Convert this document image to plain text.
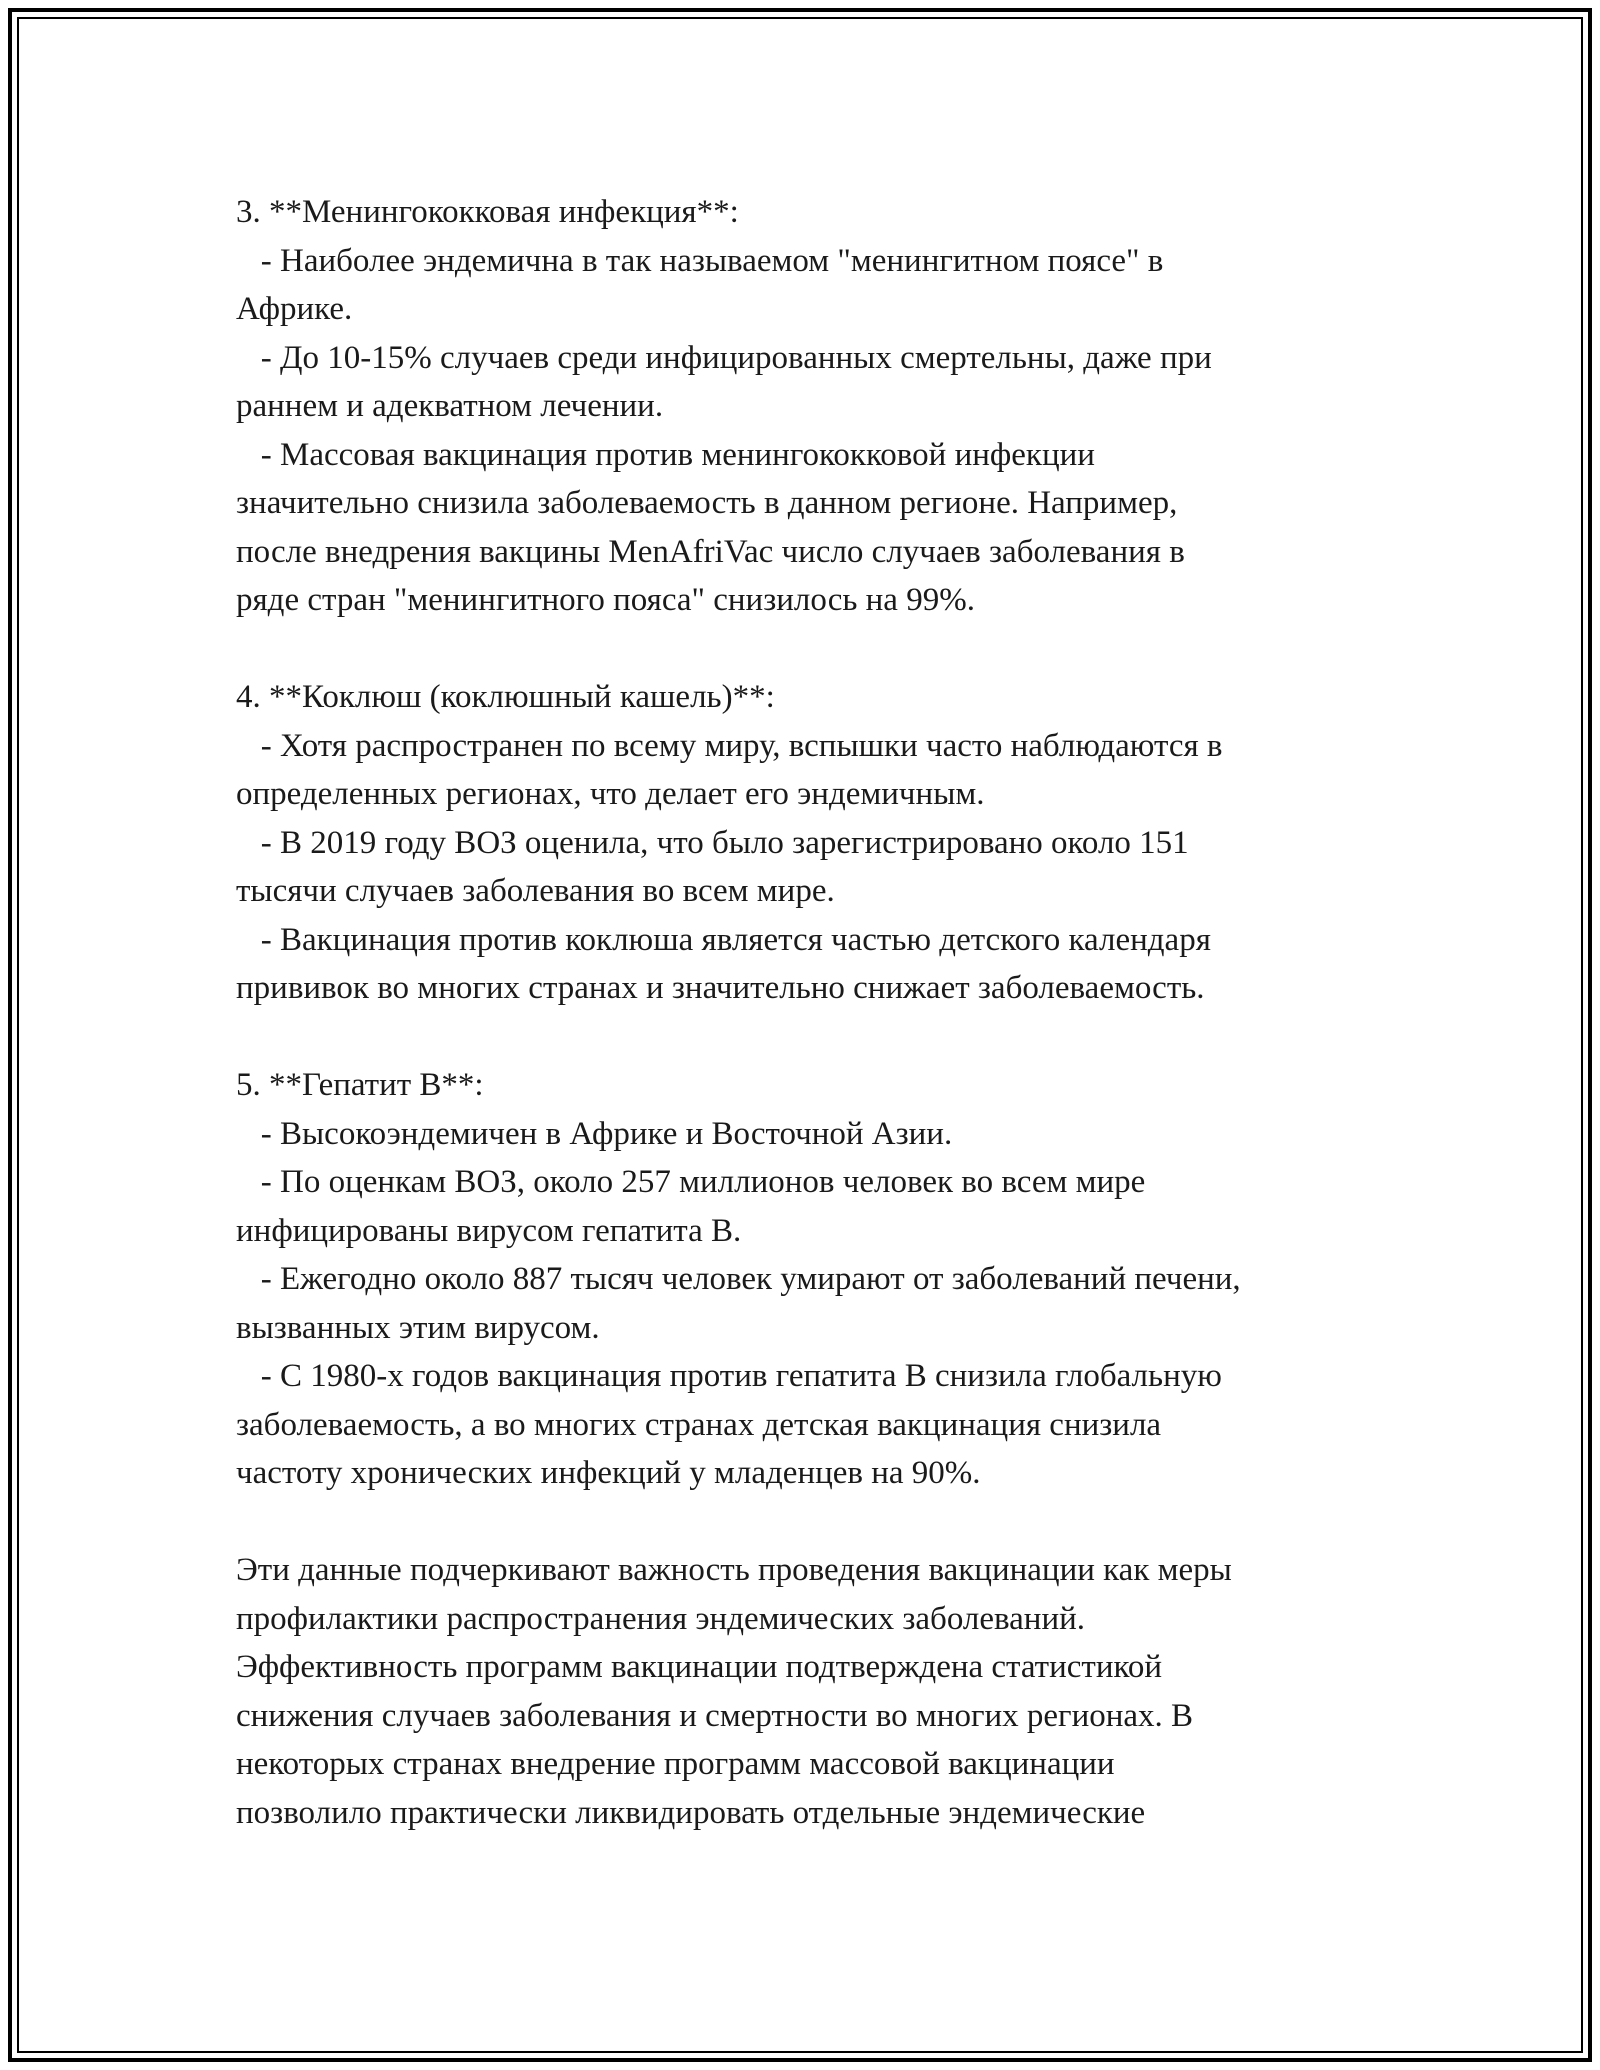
3. **Менингококковая инфекция**:

- Наиболее эндемична в так называемом "менингитном поясе" в

Африке.

- До 10-15% случаев среди инфицированных смертельны, даже при

раннем и адекватном лечении.

- Массовая вакцинация против менингококковой инфекции

значительно снизила заболеваемость в данном регионе. Например,

после внедрения вакцины MenAfriVac число случаев заболевания в

ряде стран "менингитного пояса" снизилось на 99%.

4. **Коклюш (коклюшный кашель)**:

- Хотя распространен по всему миру, вспышки часто наблюдаются в

определенных регионах, что делает его эндемичным.

- В 2019 году ВОЗ оценила, что было зарегистрировано около 151

тысячи случаев заболевания во всем мире.

- Вакцинация против коклюша является частью детского календаря

прививок во многих странах и значительно снижает заболеваемость.

5. **Гепатит B**:

- Высокоэндемичен в Африке и Восточной Азии.

- По оценкам ВОЗ, около 257 миллионов человек во всем мире

инфицированы вирусом гепатита B.

- Ежегодно около 887 тысяч человек умирают от заболеваний печени,

вызванных этим вирусом.

- С 1980-х годов вакцинация против гепатита B снизила глобальную

заболеваемость, а во многих странах детская вакцинация снизила

частоту хронических инфекций у младенцев на 90%.

Эти данные подчеркивают важность проведения вакцинации как меры

профилактики распространения эндемических заболеваний.

Эффективность программ вакцинации подтверждена статистикой

снижения случаев заболевания и смертности во многих регионах. В

некоторых странах внедрение программ массовой вакцинации

позволило практически ликвидировать отдельные эндемические
